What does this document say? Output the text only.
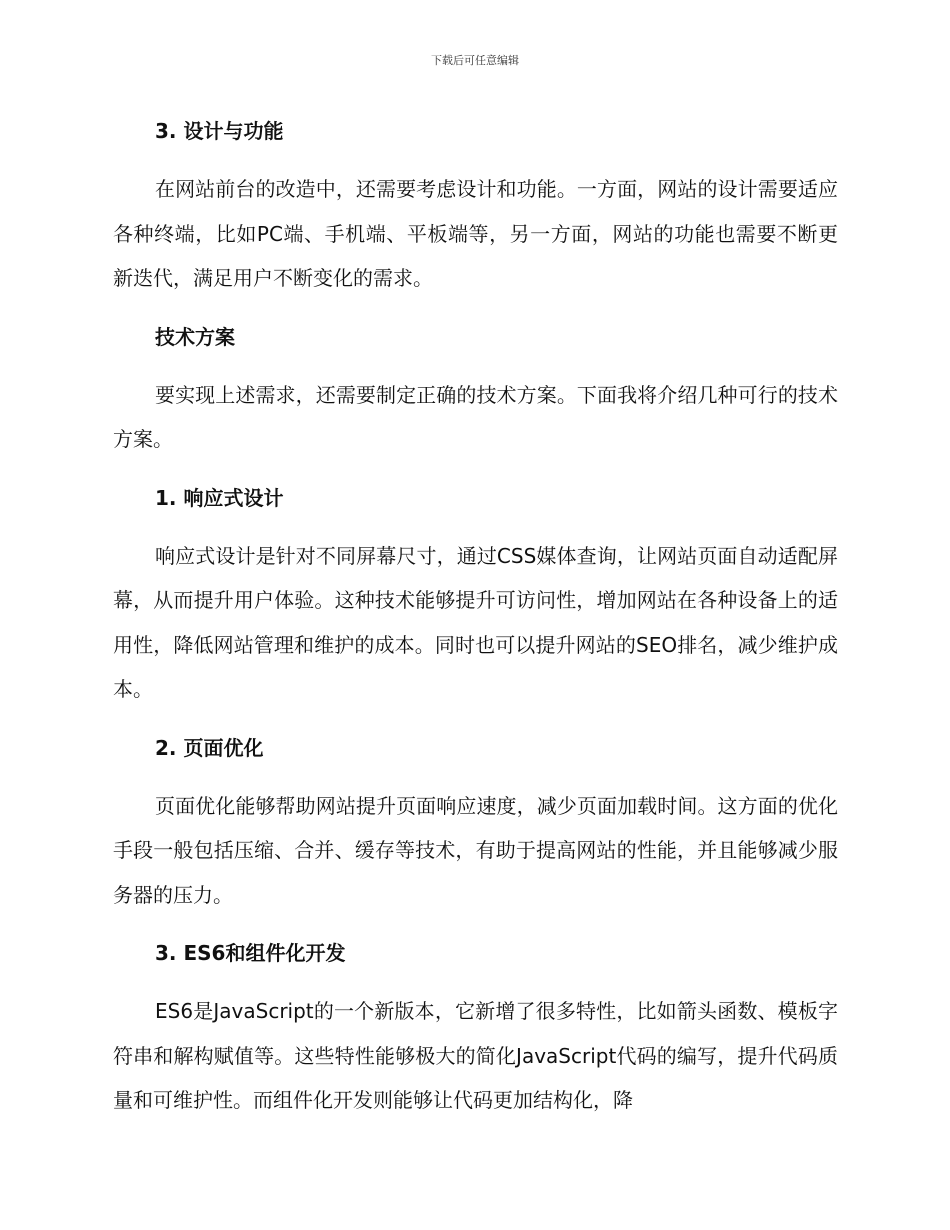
下载后可任意编辑
3. 设计与功能

在网站前台的改造中，还需要考虑设计和功能。一方面，网站的设计需要适应各种终端，比如PC端、手机端、平板端等，另一方面，网站的功能也需要不断更新迭代，满足用户不断变化的需求。

技术方案

要实现上述需求，还需要制定正确的技术方案。下面我将介绍几种可行的技术方案。

1. 响应式设计

响应式设计是针对不同屏幕尺寸，通过CSS媒体查询，让网站页面自动适配屏幕，从而提升用户体验。这种技术能够提升可访问性，增加网站在各种设备上的适用性，降低网站管理和维护的成本。同时也可以提升网站的SEO排名，减少维护成本。

2. 页面优化

页面优化能够帮助网站提升页面响应速度，减少页面加载时间。这方面的优化手段一般包括压缩、合并、缓存等技术，有助于提高网站的性能，并且能够减少服务器的压力。

3. ES6和组件化开发

ES6是JavaScript的一个新版本，它新增了很多特性，比如箭头函数、模板字符串和解构赋值等。这些特性能够极大的简化JavaScript代码的编写，提升代码质量和可维护性。而组件化开发则能够让代码更加结构化，降
